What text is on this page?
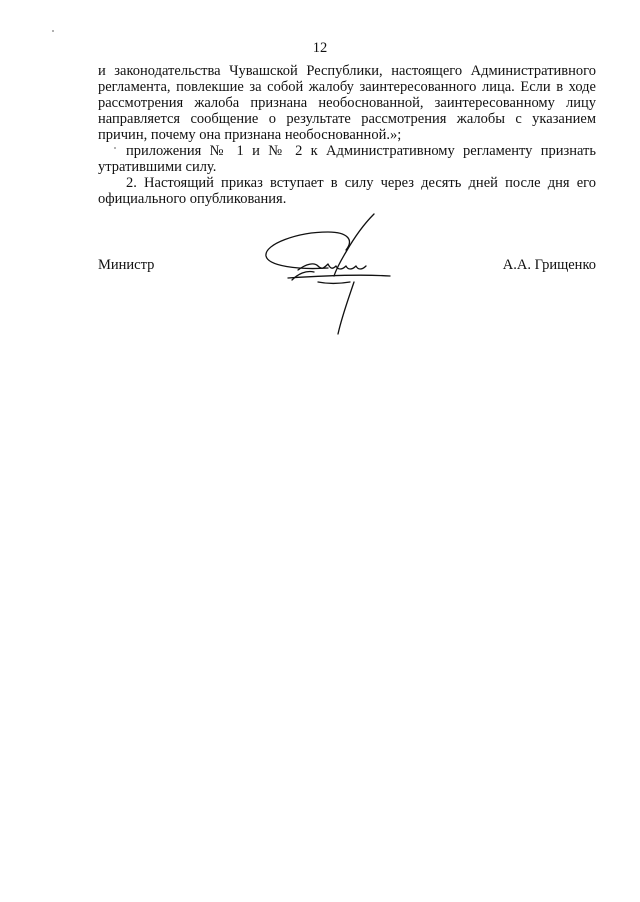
12

и законодательства Чувашской Республики, настоящего Административного регламента, повлекшие за собой жалобу заинтересованного лица. Если в ходе рассмотрения жалоба признана необоснованной, заинтересованному лицу направляется сообщение о результате рассмотрения жалобы с указанием причин, почему она признана необоснованной.»;

приложения № 1 и № 2 к Административному регламенту признать утратившими силу.

2. Настоящий приказ вступает в силу через десять дней после дня его официального опубликования.

Министр	А.А. Грищенко
